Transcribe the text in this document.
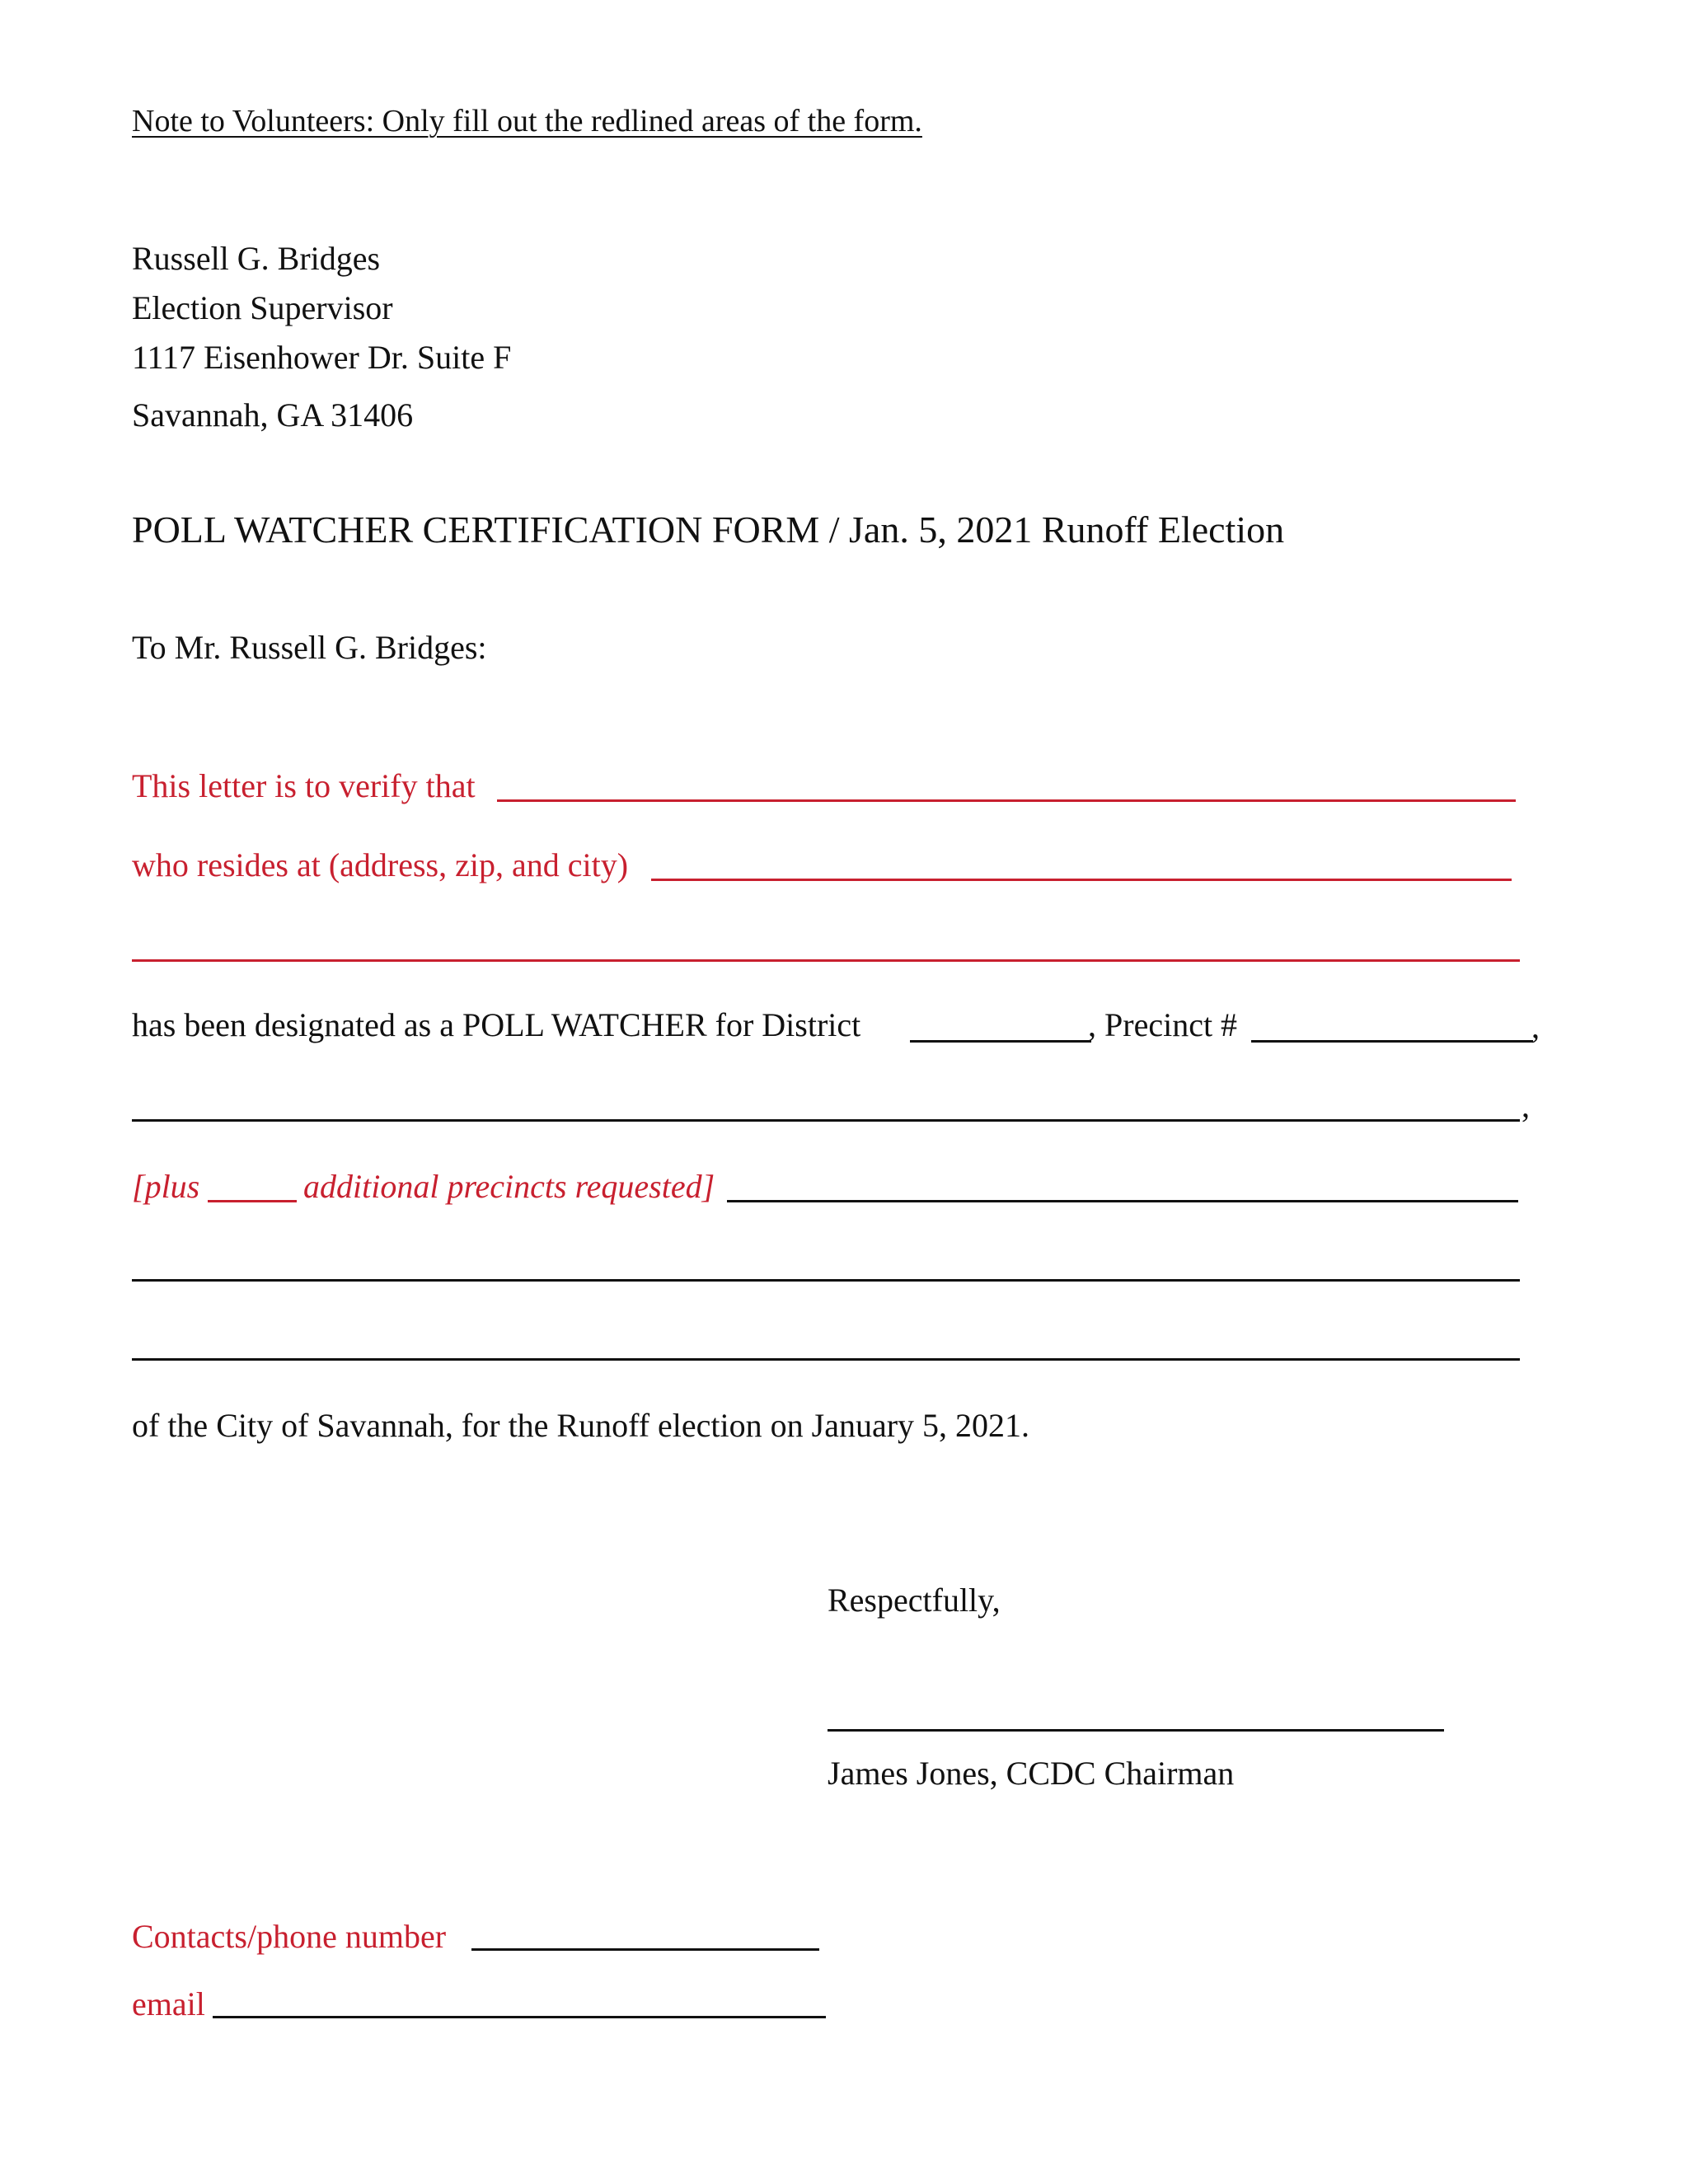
Note to Volunteers: Only fill out the redlined areas of the form.
Russell G. Bridges
Election Supervisor
1117 Eisenhower Dr. Suite F
Savannah, GA 31406
POLL WATCHER CERTIFICATION FORM / Jan. 5, 2021 Runoff Election
To Mr. Russell G. Bridges:
This letter is to verify that
who resides at (address, zip, and city)
has been designated as a POLL WATCHER for District	, Precinct #	,
,
[plus	additional precincts requested]
of the City of Savannah, for the Runoff election on January 5, 2021.
Respectfully,
James Jones, CCDC Chairman
Contacts/phone number
email
